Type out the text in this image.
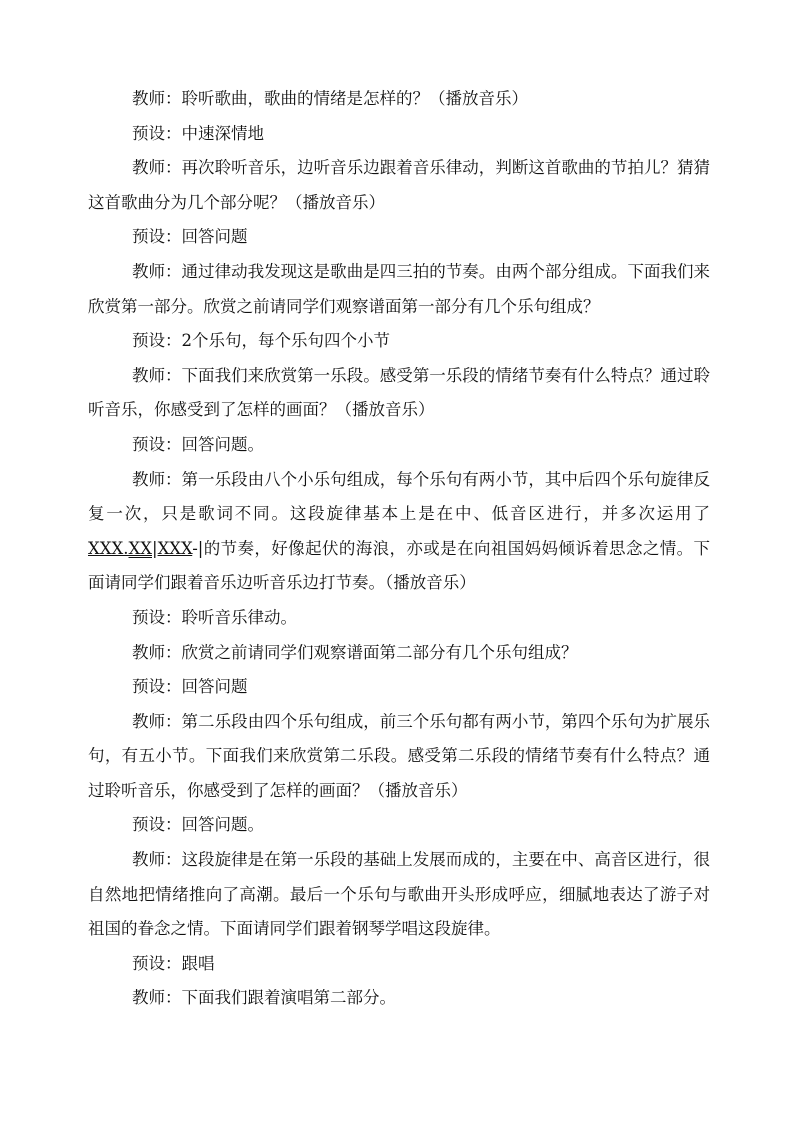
教师：聆听歌曲，歌曲的情绪是怎样的？（播放音乐）

预设：中速深情地

教师：再次聆听音乐，边听音乐边跟着音乐律动，判断这首歌曲的节拍儿？猜猜这首歌曲分为几个部分呢？（播放音乐）

预设：回答问题

教师：通过律动我发现这是歌曲是四三拍的节奏。由两个部分组成。下面我们来欣赏第一部分。欣赏之前请同学们观察谱面第一部分有几个乐句组成？

预设：2个乐句，每个乐句四个小节

教师：下面我们来欣赏第一乐段。感受第一乐段的情绪节奏有什么特点？通过聆听音乐，你感受到了怎样的画面？（播放音乐）

预设：回答问题。

教师：第一乐段由八个小乐句组成，每个乐句有两小节，其中后四个乐句旋律反复一次，只是歌词不同。这段旋律基本上是在中、低音区进行，并多次运用了XXX.XX|XXX-|的节奏，好像起伏的海浪，亦或是在向祖国妈妈倾诉着思念之情。下面请同学们跟着音乐边听音乐边打节奏。（播放音乐）

预设：聆听音乐律动。

教师：欣赏之前请同学们观察谱面第二部分有几个乐句组成？

预设：回答问题

教师：第二乐段由四个乐句组成，前三个乐句都有两小节，第四个乐句为扩展乐句，有五小节。下面我们来欣赏第二乐段。感受第二乐段的情绪节奏有什么特点？通过聆听音乐，你感受到了怎样的画面？（播放音乐）

预设：回答问题。

教师：这段旋律是在第一乐段的基础上发展而成的，主要在中、高音区进行，很自然地把情绪推向了高潮。最后一个乐句与歌曲开头形成呼应，细腻地表达了游子对祖国的眷念之情。下面请同学们跟着钢琴学唱这段旋律。

预设：跟唱

教师：下面我们跟着演唱第二部分。
